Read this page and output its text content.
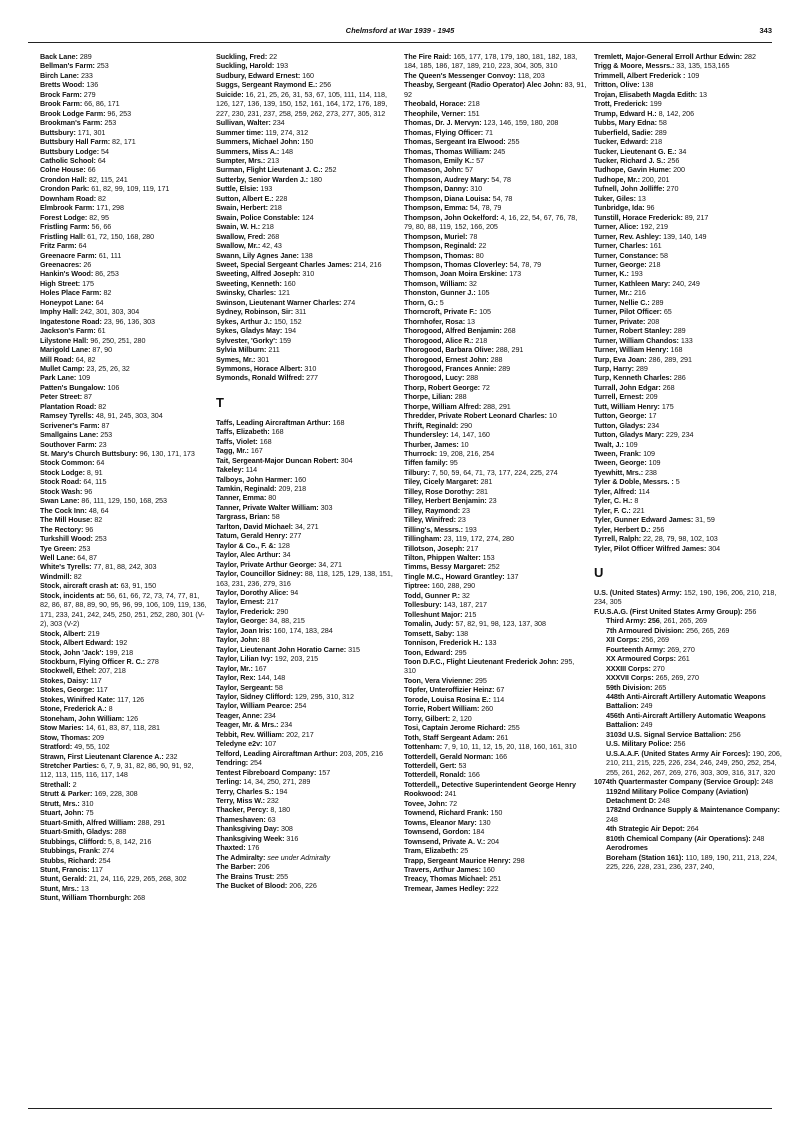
Chelmsford at War 1939 - 1945	343
Back Lane: 289
Bellman's Farm: 253
Birch Lane: 233
Bretts Wood: 136
Brock Farm: 279
Brook Farm: 66, 86, 171
Brook Lodge Farm: 96, 253
Brookman's Farm: 253
Buttsbury: 171, 301
Buttsbury Hall Farm: 82, 171
Buttsbury Lodge: 54
Catholic School: 64
Colne House: 66
Crondon Hall: 82, 115, 241
Crondon Park: 61, 82, 99, 109, 119, 171
Downham Road: 82
Elmbrook Farm: 171, 298
Forest Lodge: 82, 95
Fristling Farm: 56, 66
Fristling Hall: 61, 72, 150, 168, 280
Fritz Farm: 64
Greenacre Farm: 61, 111
Greenacres: 26
Hankin's Wood: 86, 253
High Street: 175
Holes Place Farm: 82
Honeypot Lane: 64
Imphy Hall: 242, 301, 303, 304
Ingatestone Road: 23, 96, 136, 303
Jackson's Farm: 61
Lilystone Hall: 96, 250, 251, 280
Marigold Lane: 87, 90
Mill Road: 64, 82
Mullet Camp: 23, 25, 26, 32
Park Lane: 109
Patten's Bungalow: 106
Peter Street: 87
Plantation Road: 82
Ramsey Tyrells: 48, 91, 245, 303, 304
Scrivener's Farm: 87
Smallgains Lane: 253
Southover Farm: 23
St. Mary's Church Buttsbury: 96, 130, 171, 173
Stock Common: 64
Stock Lodge: 8, 91
Stock Road: 64, 115
Stock Wash: 96
Swan Lane: 86, 111, 129, 150, 168, 253
The Cock Inn: 48, 64
The Mill House: 82
The Rectory: 96
Turkshill Wood: 253
Tye Green: 253
Well Lane: 64, 87
White's Tyrells: 77, 81, 88, 242, 303
Windmill: 82
Stock, aircraft crash at: 63, 91, 150
Stock, incidents at: 56, 61, 66, 72, 73, 74, 77, 81, 82, 86, 87, 88, 89, 90, 95, 96, 99, 106, 109, 119, 136, 171, 233, 241, 242, 245, 250, 251, 252, 280, 301 (V-2), 303 (V-2)
Stock, Albert: 219
Stock, Albert Edward: 192
Stock, John 'Jack': 199, 218
Stockburn, Flying Officer R. C.: 278
Stockwell, Ethel: 207, 218
Stokes, Daisy: 117
Stokes, George: 117
Stokes, Winifred Kate: 117, 126
Stone, Frederick A.: 8
Stoneham, John William: 126
Stow Maries: 14, 61, 83, 87, 118, 281
Stow, Thomas: 209
Stratford: 49, 55, 102
Strawn, First Lieutenant Clarence A.: 232
Stretcher Parties: 6, 7, 9, 31, 82, 86, 90, 91, 92, 112, 113, 115, 116, 117, 148
Strethall: 2
Strutt & Parker: 169, 228, 308
Strutt, Mrs.: 310
Stuart, John: 75
Stuart-Smith, Alfred William: 288, 291
Stuart-Smith, Gladys: 288
Stubbings, Clifford: 5, 8, 142, 216
Stubbings, Frank: 274
Stubbs, Richard: 254
Stunt, Francis: 117
Stunt, Gerald: 21, 24, 116, 229, 265, 268, 302
Stunt, Mrs.: 13
Stunt, William Thornburgh: 268
Suckling, Fred: 22
Suckling, Harold: 193
Sudbury, Edward Ernest: 160
Suggs, Sergeant Raymond E.: 256
Suicide: 16, 21, 25, 26, 31, 53, 67, 105, 111, 114, 118, 126, 127, 136, 139, 150, 152, 161, 164, 172, 176, 189, 227, 230, 231, 237, 258, 259, 262, 273, 277, 305, 312
Sullivan, Walter: 234
Summer time: 119, 274, 312
Summers, Michael John: 150
Summers, Miss A.: 148
Sumpter, Mrs.: 213
Surman, Flight Lieutenant J. C.: 252
Sutterby, Senior Warden J.: 180
Suttle, Elsie: 193
Sutton, Albert E.: 228
Swain, Herbert: 218
Swain, Police Constable: 124
Swain, W. H.: 218
Swallow, Fred: 268
Swallow, Mr.: 42, 43
Swann, Lily Agnes Jane: 138
Sweet, Special Sergeant Charles James: 214, 216
Sweeting, Alfred Joseph: 310
Sweeting, Kenneth: 160
Swinsky, Charles: 121
Swinson, Lieutenant Warner Charles: 274
Sydney, Robinson, Sir: 311
Sykes, Arthur J.: 150, 152
Sykes, Gladys May: 194
Sylvester, 'Gorky': 159
Sylvia Milburn: 211
Symes, Mr.: 301
Symmons, Horace Albert: 310
Symonds, Ronald Wilfred: 277
T
Taffs, Leading Aircraftman Arthur: 168
Taffs, Elizabeth: 168
Taffs, Violet: 168
Tagg, Mr.: 167
Tait, Sergeant-Major Duncan Robert: 304
Takeley: 114
Talboys, John Harmer: 160
Tamkin, Reginald: 209, 218
Tanner, Emma: 80
Tanner, Private Walter William: 303
Targrass, Brian: 58
Tarlton, David Michael: 34, 271
Tatum, Gerald Henry: 277
Taylor & Co., F. &: 128
Taylor, Alec Arthur: 34
Taylor, Private Arthur George: 34, 271
Taylor, Councillor Sidney: 88, 118, 125, 129, 138, 151, 163, 231, 236, 279, 316
Taylor, Dorothy Alice: 94
Taylor, Ernest: 217
Taylor, Frederick: 290
Taylor, George: 34, 88, 215
Taylor, Joan Iris: 160, 174, 183, 284
Taylor, John: 88
Taylor, Lieutenant John Horatio Carne: 315
Taylor, Lilian Ivy: 192, 203, 215
Taylor, Mr.: 167
Taylor, Rex: 144, 148
Taylor, Sergeant: 58
Taylor, Sidney Clifford: 129, 295, 310, 312
Taylor, William Pearce: 254
Teager, Anne: 234
Teager, Mr. & Mrs.: 234
Tebbit, Rev. William: 202, 217
Teledyne e2v: 107
Telford, Leading Aircraftman Arthur: 203, 205, 216
Tendring: 254
Tentest Fibreboard Company: 157
Terling: 14, 34, 250, 271, 289
Terry, Charles S.: 194
Terry, Miss W.: 232
Thacker, Percy: 8, 180
Thameshaven: 63
Thanksgiving Day: 308
Thanksgiving Week: 316
Thaxted: 176
The Admiralty: see under Admiralty
The Barber: 206
The Brains Trust: 255
The Bucket of Blood: 206, 226
The Fire Raid: 165, 177, 178, 179, 180, 181, 182, 183, 184, 185, 186, 187, 189, 210, 223, 304, 305, 310
The Queen's Messenger Convoy: 118, 203
Theasby, Sergeant (Radio Operator) Alec John: 83, 91, 92
Theobald, Horace: 218
Theophile, Verner: 151
Thomas, Dr. J. Mervyn: 123, 146, 159, 180, 208
Thomas, Flying Officer: 71
Thomas, Sergeant Ira Elwood: 255
Thomas, Thomas William: 245
Thomason, Emily K.: 57
Thomason, John: 57
Thompson, Audrey Mary: 54, 78
Thompson, Danny: 310
Thompson, Diana Louisa: 54, 78
Thompson, Emma: 54, 78, 79
Thompson, John Ockelford: 4, 16, 22, 54, 67, 76, 78, 79, 80, 88, 119, 152, 166, 205
Thompson, Muriel: 78
Thompson, Reginald: 22
Thompson, Thomas: 80
Thompson, Thomas Cloverley: 54, 78, 79
Thomson, Joan Moira Erskine: 173
Thomson, William: 32
Thonston, Gunner J.: 105
Thorn, G.: 5
Thorncroft, Private F.: 105
Thornhofer, Rosa: 13
Thorogood, Alfred Benjamin: 268
Thorogood, Alice R.: 218
Thorogood, Barbara Olive: 288, 291
Thorogood, Ernest John: 288
Thorogood, Frances Annie: 289
Thorogood, Lucy: 288
Thorp, Robert George: 72
Thorpe, Lilian: 288
Thorpe, William Alfred: 288, 291
Thredder, Private Robert Leonard Charles: 10
Thrift, Reginald: 290
Thundersley: 14, 147, 160
Thurber, James: 10
Thurrock: 19, 208, 216, 254
Tiffen family: 95
Tilbury: 7, 50, 59, 64, 71, 73, 177, 224, 225, 274
Tiley, Cicely Margaret: 281
Tilley, Rose Dorothy: 281
Tilley, Herbert Benjamin: 23
Tilley, Raymond: 23
Tilley, Winifred: 23
Tilling's, Messrs.: 193
Tillingham: 23, 119, 172, 274, 280
Tillotson, Joseph: 217
Tilton, Phippen Walter: 153
Timms, Bessy Margaret: 252
Tingle M.C., Howard Grantley: 137
Tiptree: 160, 288, 290
Todd, Gunner P.: 32
Tollesbury: 143, 187, 217
Tolleshunt Major: 215
Tomalin, Judy: 57, 82, 91, 98, 123, 137, 308
Tomsett, Saby: 138
Tonnison, Frederick H.: 133
Toon, Edward: 295
Toon D.F.C., Flight Lieutenant Frederick John: 295, 310
Toon, Vera Vivienne: 295
Töpfer, Unteroffizier Heinz: 67
Torode, Louisa Rosina E.: 114
Torrie, Robert William: 260
Torry, Gilbert: 2, 120
Tosi, Captain Jerome Richard: 255
Toth, Staff Sergeant Adam: 261
Tottenham: 7, 9, 10, 11, 12, 15, 20, 118, 160, 161, 310
Totterdell, Gerald Norman: 166
Totterdell, Gert: 53
Totterdell, Ronald: 166
Totterdell,, Detective Superintendent George Henry Rookwood: 241
Tovee, John: 72
Townend, Richard Frank: 150
Towns, Eleanor Mary: 130
Townsend, Gordon: 184
Townsend, Private A. V.: 204
Tram, Elizabeth: 25
Trapp, Sergeant Maurice Henry: 298
Travers, Arthur James: 160
Treacy, Thomas Michael: 251
Tremear, James Hedley: 222
Tremlett, Major-General Erroll Arthur Edwin: 282
Trigg & Moore, Messrs.: 33, 135, 153,165
Trimmell, Albert Frederick : 109
Tritton, Olive: 138
Trojan, Elisabeth Magda Edith: 13
Trott, Frederick: 199
Trump, Edward H.: 8, 142, 206
Tubbs, Mary Edna: 58
Tuberfield, Sadie: 289
Tucker, Edward: 218
Tucker, Lieutenant G. E.: 34
Tucker, Richard J. S.: 256
Tudhope, Gavin Hume: 200
Tudhope, Mr.: 200, 201
Tufnell, John Jolliffe: 270
Tuker, Giles: 13
Tunbridge, Ida: 96
Tunstill, Horace Frederick: 89, 217
Turner, Alice: 192, 219
Turner, Rev. Ashley: 139, 140, 149
Turner, Charles: 161
Turner, Constance: 58
Turner, George: 218
Turner, K.: 193
Turner, Kathleen Mary: 240, 249
Turner, Mr.: 216
Turner, Nellie C.: 289
Turner, Pilot Officer: 65
Turner, Private: 208
Turner, Robert Stanley: 289
Turner, William Chandos: 133
Turner, William Henry: 168
Turp, Eva Joan: 286, 289, 291
Turp, Harry: 289
Turp, Kenneth Charles: 286
Turrall, John Edgar: 268
Turrell, Ernest: 209
Tutt, William Henry: 175
Tutton, George: 17
Tutton, Gladys: 234
Tutton, Gladys Mary: 229, 234
Twalt, J.: 109
Tween, Frank: 109
Tween, George: 109
Tyewhitt, Mrs.: 238
Tyler & Doble, Messrs. : 5
Tyler, Alfred: 114
Tyler, C. H.: 8
Tyler, F. C.: 221
Tyler, Gunner Edward James: 31, 59
Tyler, Herbert D.: 256
Tyrrell, Ralph: 22, 28, 79, 98, 102, 103
Tyler, Pilot Officer Wilfred James: 304
U
U.S. (United States) Army: 152, 190, 196, 206, 210, 218, 234, 305
F.U.S.A.G. (First United States Army Group): 256
Third Army: 256, 261, 265, 269
7th Armoured Division: 256, 265, 269
XII Corps: 256, 269
Fourteenth Army: 269, 270
XX Armoured Corps: 261
XXXIII Corps: 270
XXXVII Corps: 265, 269, 270
59th Division: 265
448th Anti-Aircraft Artillery Automatic Weapons Battalion: 249
456th Anti-Aircraft Artillery Automatic Weapons Battalion: 249
3103d U.S. Signal Service Battalion: 256
U.S. Military Police: 256
U.S.A.A.F. (United States Army Air Forces): 190, 206, 210, 211, 215, 225, 226, 234, 246, 249, 250, 252, 254, 255, 261, 262, 267, 269, 276, 303, 309, 316, 317, 320
1074th Quartermaster Company (Service Group): 248
1192nd Military Police Company (Aviation) Detachment D: 248
1782nd Ordnance Supply & Maintenance Company: 248
4th Strategic Air Depot: 264
810th Chemical Company (Air Operations): 248
Aerodromes
Boreham (Station 161): 110, 189, 190, 211, 213, 224, 225, 226, 228, 231, 236, 237, 240,
